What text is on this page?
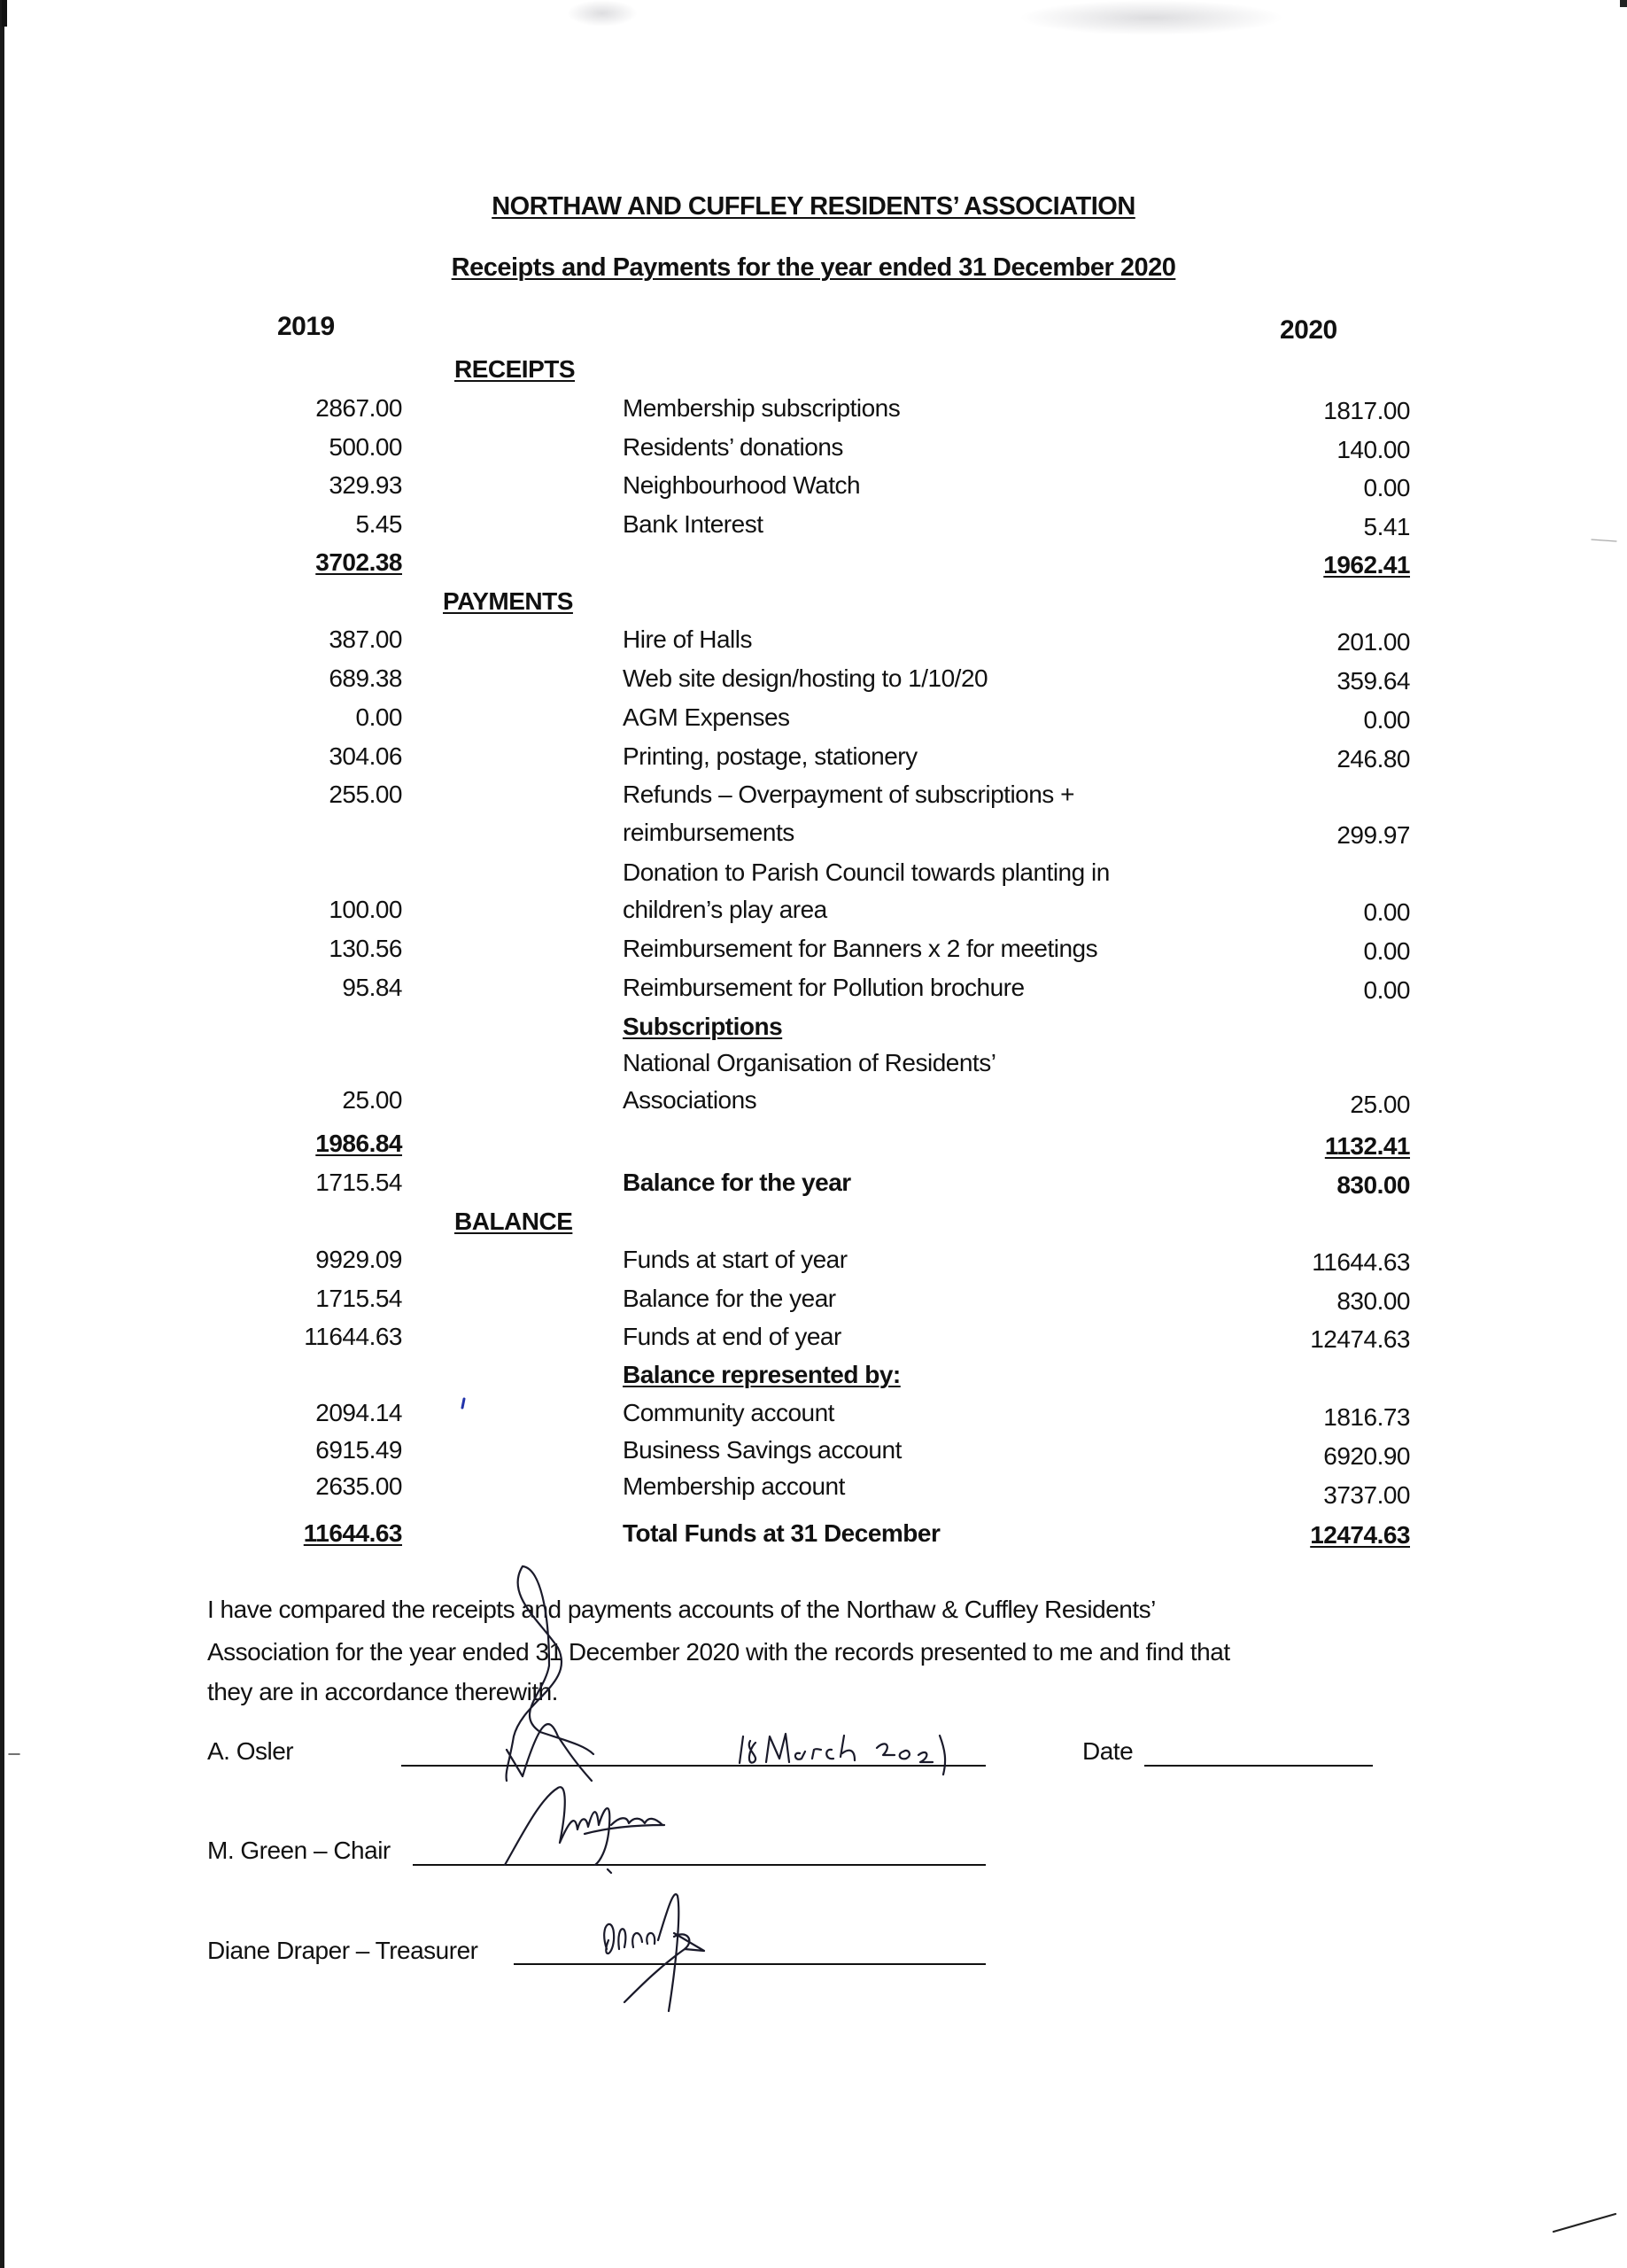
NORTHAW AND CUFFLEY RESIDENTS’ ASSOCIATION
Receipts and Payments for the year ended 31 December 2020
2019	2020
RECEIPTS
2867.00	Membership subscriptions	1817.00
500.00	Residents’ donations	140.00
329.93	Neighbourhood Watch	0.00
5.45	Bank Interest	5.41
3702.38	1962.41
PAYMENTS
387.00	Hire of Halls	201.00
689.38	Web site design/hosting to 1/10/20	359.64
0.00	AGM Expenses	0.00
304.06	Printing, postage, stationery	246.80
255.00	Refunds – Overpayment of subscriptions +
reimbursements	299.97
Donation to Parish Council towards planting in
100.00	children’s play area	0.00
130.56	Reimbursement for Banners x 2 for meetings	0.00
95.84	Reimbursement for Pollution brochure	0.00
Subscriptions
National Organisation of Residents’
25.00	Associations	25.00
1986.84	1132.41
1715.54	Balance for the year	830.00
BALANCE
9929.09	Funds at start of year	11644.63
1715.54	Balance for the year	830.00
11644.63	Funds at end of year	12474.63
Balance represented by:
2094.14	Community account	1816.73
6915.49	Business Savings account	6920.90
2635.00	Membership account	3737.00
11644.63	Total Funds at 31 December	12474.63
I have compared the receipts and payments accounts of the Northaw & Cuffley Residents’
Association for the year ended 31 December 2020 with the records presented to me and find that
they are in accordance therewith.
A. Osler	Date
M. Green – Chair
Diane Draper – Treasurer
